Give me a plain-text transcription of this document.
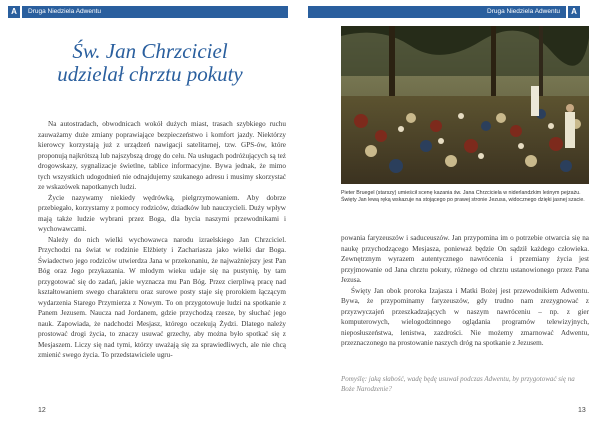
A	Druga Niedziela Adwentu
Św. Jan Chrzciciel
udzielał chrztu pokuty

Na autostradach, obwodnicach wokół dużych miast, trasach szybkiego ruchu zauważamy duże zmiany poprawiające bezpieczeństwo i komfort jazdy. Niektórzy kierowcy korzystają już z urządzeń nawigacji satelitarnej, tzw. GPS-ów, które proponują najkrótszą lub najszybszą drogę do celu. Na usługach podróżujących są też drogowskazy, sygnalizacje świetlne, tablice informacyjne. Bywa jednak, że mimo tych wszystkich udogodnień nie odnajdujemy szukanego adresu i musimy skorzystać ze wskazówek napotkanych ludzi.

Życie nazywamy niekiedy wędrówką, pielgrzymowaniem. Aby dobrze przebiegało, korzystamy z pomocy rodziców, dziadków lub nauczycieli. Duży wpływ mają także ludzie wybrani przez Boga, dla bycia naszymi przewodnikami i wychowawcami.

Należy do nich wielki wychowawca narodu izraelskiego Jan Chrzciciel. Przychodzi na świat w rodzinie Elżbiety i Zachariasza jako wielki dar Boga. Świadectwo jego rodziców utwierdza Jana w przekonaniu, że najważniejszy jest Pan Bóg oraz Jego przykazania. W młodym wieku udaje się na pustynię, by tam przygotować się do zadań, jakie wyznacza mu Pan Bóg. Przez cierpliwą pracę nad kształtowaniem swego charakteru oraz surowe posty staje się prorokiem łączącym wydarzenia Starego Przymierza z Nowym. To on przygotowuje ludzi na spotkanie z Panem Jezusem. Naucza nad Jordanem, gdzie przychodzą rzesze, by słuchać jego nauk. Zapowiada, że nadchodzi Mesjasz, którego oczekują Żydzi. Dlatego należy prostować drogi życia, to znaczy usuwać grzechy, aby można było spotkać się z Mesjaszem. Liczy się nad tymi, którzy uważają się za sprawiedliwych, ale nie chcą zmienić swego życia. To przedstawiciele ugru-

12
Druga Niedziela Adwentu	A
Pieter Bruegel (starszy) umieścił scenę kazania św. Jana Chrzciciela w niderlandzkim leśnym pejzażu. Święty Jan lewą ręką wskazuje na stojącego po prawej stronie Jezusa, widocznego dzięki jasnej szacie.

powania faryzeuszów i saduceuszów. Jan przypomina im o potrzebie otwarcia się na naukę przychodzącego Mesjasza, ponieważ będzie On sądził każdego człowieka. Zewnętrznym wyrazem autentycznego nawrócenia i przemiany życia jest przyjmowanie od Jana chrztu pokuty, różnego od chrztu ustanowionego przez Pana Jezusa.

Święty Jan obok proroka Izajasza i Matki Bożej jest przewodnikiem Adwentu. Bywa, że przypominamy faryzeuszów, gdy trudno nam zrezygnować z przyzwyczajeń przeszkadzających w naszym nawróceniu – np. z gier komputerowych, wielogodzinnego oglądania programów telewizyjnych, nieposłuszeństwa, lenistwa, zazdrości. Nie możemy zmarnować Adwentu, przeznaczonego na prostowanie naszych dróg na spotkanie z Jezusem.

Pomyślę: jaką słabość, wadę będę usuwał podczas Adwentu, by przygotować się na Boże Narodzenie?
13
